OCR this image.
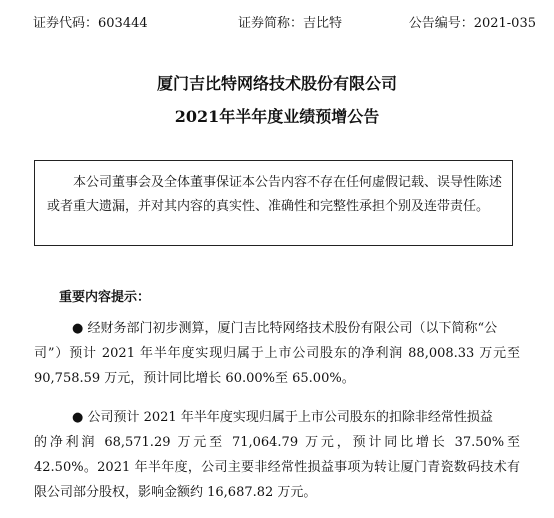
证券代码：603444	证券简称：吉比特	公告编号：2021-035
厦门吉比特网络技术股份有限公司
2021年半年度业绩预增公告
本公司董事会及全体董事保证本公告内容不存在任何虚假记载、误导性陈述或者重大遗漏，并对其内容的真实性、准确性和完整性承担个别及连带责任。
重要内容提示：
● 经财务部门初步测算，厦门吉比特网络技术股份有限公司（以下简称“公
司”）预计 2021 年半年度实现归属于上市公司股东的净利润 88,008.33 万元至 90,758.59 万元，预计同比增长 60.00%至 65.00%。
● 公司预计 2021 年半年度实现归属于上市公司股东的扣除非经常性损益
的净利润 68,571.29 万元至 71,064.79 万元，预计同比增长 37.50%至 42.50%。2021 年半年度，公司主要非经常性损益事项为转让厦门青瓷数码技术有限公司部分股权，影响金额约 16,687.82 万元。
